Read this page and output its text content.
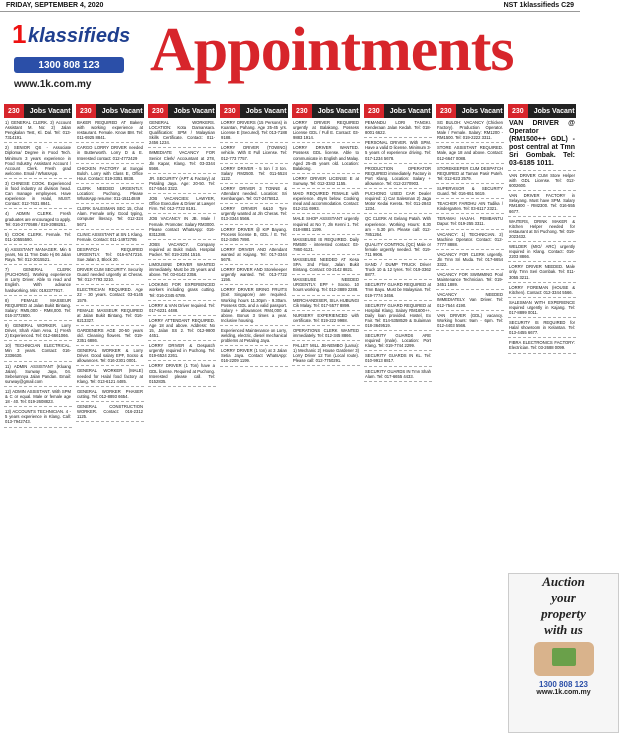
FRIDAY, SEPTEMBER 4, 2020	NST 1klassifieds C29
1 klassifieds
1300 808 123
www.1k.com.my
Appointments
230	Jobs Vacant
1) GENERAL CLERK. 2) Account Assistant M. No: 2) Jalan Pengkalan Test, Kl. Dal. Tel: 013-7314191.
2) SENIOR QS - Associate Diploma/ Degree in Food Tech. Minimum 3 years experience in Food Industry. Assistant Account / Account Clerk. Fresh grad welcome. Email / WhatsApp.
3) CHINESE COOK. Experienced in food industry at division head. Can manage employees. Have experience in Halal, MUST. Contact: 012-7631 8841.
4) ADMIN CLERK. Fresh graduates are encouraged to apply. Tel: 016-2770588 / 019-2088251.
5) COOK CLERK. Female. Tel: 011-10555590.
6) ASSISTANT MANAGER. Min 5 years, No 11 Tmn Dato Hj 06 Jalan Raya. Tel: 012-3015521.
7) GENERAL CLERK (PUCHONG). Working experience in Lorry Driver. Able to read and English. With advance hardworking. Min: 0192377917.
8) FEMALE MASSEUR REQUIRED at Jalan Bukit Bintang. Salary: RM5,000 - RM8,000. Tel: 016-3772600.
9) GENERAL WORKER. Lorry Driver, Shah Alam Area. 1) Fresh 2) Experienced. Tel: 012-6661066.
10) TECHNICIAN ELECTRICAL. Min 3 years. Contact: 016-2336630.
11) ADMIN ASSISTANT (Kluang Jalan). Sunway Jaya, 04. Sebelumnya Jalan Pandan. Email: sunway@gmail.com
12) ADMIN ASSISTANT. With SPM & C or equal. Male or female age 18 - 40. Tel: 019-2608823.
13) ACCOUNTS TECHNICIAN. 4 - 5 years experience in Klang. Call: 013-7942743.
230	Jobs Vacant
BAKER REQUIRED AT Bakery with working experience at restaurant. Female. Know BM. Tel: 011-6925 8841.
CARGO LORRY DRIVER needed in Butterworth. Lorry D & E. Interested contact: 012-4772429
CHICKEN FACTORY at Sungai Buloh. Lorry with Class E, Office Hour. Contact: 019-3351 8838.
CLERK NEEDED URGENTLY. Location: Puchong. Please WhatsApp resume: 011-15114849
CLERK SALESMAN SEC 15, Chat Alam. Female only. Good typing, computer literacy. Tel: 012-324 5671
CLINIC ASSISTANT at SN 1 Klang. Female. Contact: 011-14972795
DESPATCH REQUIRED URGENTLY. Tel: 016-6747216. Sue Jalan 3, Block 20.
DRIVER CUM SECURITY. Security Guard needed urgently at Cheras. Tel: 012-7793 3210.
ELECTRICIAN REQUIRED. Age 22 - 30 years. Contact: 03-6145 1579.
FEMALE MASSEUR REQUIRED at Jalan Bukit Bintang. Tel: 016-6213327.
GARDENERS AGE 20-50 years old. Cleaning flowers. Tel: 019-2351 6886.
GENERAL WORKER & Lorry Driver. Good salary EPF, Socso & allowances. Tel: 016-2301 0001.
GENERAL WORKER (MALE) needed for Halal food factory at Klang. Tel: 013-6121 4485.
GENERAL WORKER PHASER cutting. Tel: 012-8893 6654.
GENERAL CONSTRUCTION WORKER. Contact: 016-2312 1125.
230	Jobs Vacant
GENERAL WORKERS. LOCATION: Kota Damansara. Qualification: SPM / Malaysian Skills Certificate. Contact: 011-2456 1234.
IMMEDIATE VACANCY FOR Senior Clerk/ Accountant at 278, Jln Kapar, Klang. Tel: 03-3344 5566.
JR. SECURITY (APT & Factory) at Petaling Jaya. Age: 20-50. Tel: 017-5544 3322.
JOB VACANCIES: LAWYER, Office Executive & Driver at Lawyer Firm. Tel: 012-7722 8191.
JOB VACANCY IN JB. Male / Female. Promoter. Salary RM3000. Please contact WhatsApp: 016-8311288.
JOBS VACANCY. Company required at Bukit Indah. Hospital Packer. Tel: 019-2204 1516.
LIMOUSINE DRIVER WANTED immediately. Must be 25 years and above. Tel: 03-6142 2356.
LOOKING FOR EXPERIENCED workers including grass cutting. Tel: 016-2345 6789.
LORRY & VAN Driver required. Tel: 017-6231 4488.
LORRY ATTENDANT REQUIRED. Age 18 and above. Address: No 15, Jalan SS 2. Tel: 012-9800 4451.
LORRY DRIVER & Despatch urgently required in Puchong. Tel: 019-6524 2261.
LORRY DRIVER (1 Ton) have a GDL license. Required at Puchong. Interested please call. Tel: 0152835.
230	Jobs Vacant
LORRY DRIVERS (15 Persons) in Kuantan, Pahang. Age 25-45 yrs. License E (Secured). Tel: 013-7188 9188.
LORRY DRIVER (TOWING) vehicle. With E Full License. Tel: 012-773 7757.
LORRY DRIVER - 5 ton / 3 ton. Salary RM2500. Tel: 011-5524 1122.
LORRY DRIVER 3 TONNE & Attendant needed. Location: Sri Kembangan. Tel: 017-2475812.
LORRY DRIVER 6&10 Tyre urgently wanted at Jln Cheras. Tel: 013-3344 5566.
LORRY DRIVER @ KIP Bayang. Process license B, GDL / E. Tel: 012-3456 7890.
LORRY DRIVER AND Attendant wanted at Kajang. Tel: 017-3344 5678.
LORRY DRIVER AND Storekeeper urgently wanted. Tel: 013-7722 1156.
LORRY DRIVER BRING FRUITS (Exit Singapore) are required. Working hours 11.30pm - 9.30am. Possess GDL and a valid passport. Salary + allowances RM4,000 & above. Bonus 3 times a year. Inclusive housing.
Experienced Maintenance on Lorry, welding, electric, diesel mechanical problems at Petaling Jaya.
LORRY DRIVER (1 ton) at 3 Jalan Setia Jaya. Contact WhatsApp: 016-2209 1199.
230	Jobs Vacant
LORRY DRIVER REQUIRED urgently at Balakong. Possess License GDL / Full E. Contact: 03-9883 1914.
LORRY DRIVER WANTED. Possess GDL license. Able to communicate in English and Malay. Aged 25-45 years old. Location: Balakong.
LORRY DRIVER LICENSE E at Sunway. Tel: 012-3342 1155.
MAID REQUIRED FEMALE with experience. 45yrs below. Cooking meal and accommodation. Contact: 012-211 6993.
MALE SHOP ASSISTANT urgently required at No 7, Jln Kenni 1. Tel: 018-8881 1199.
MASSEUSE IS REQUIRED. Daily RM500 - interested contact: 03-7860 6121.
MASSEUSE NEEDED AT Kesa SPA. 2nd Floor, Jalan Bukit Bintang. Contact: 03-2142 8821.
MASSEUSE NEEDED URGENTLY. EPF + Socso. 10 hours working. Tel: 012-3889 2288.
MERCHANDISER, SILA HUBUNGI Cik Malay. Tel: 017-5577 8899.
NURSERY EXPERIENCED with certificate. Tel: 019-222 9988.
OPERATIONS CLERK WANTED immediately. Tel: 012-345 8866.
PALLET MILL JB-NEMBO (Lama): 1) Mechanic 2) House Gardener 3) Lorry Driver 12 Ton (Local route). Please call: 012-7750291.
230	Jobs Vacant
PEMANDU LORI TANGKI. Kenderaan Jalan Kedah. Tel: 018-8001 6622.
PERSONAL DRIVER. With SPM. Have a valid D license. Minimum 3-5 years of experience driving. Tel: 017-1234 5678.
PRODUCTION OPERATOR REQUIRED immediately. Factory in Port Klang. Location: Salary + allowance. Tel: 012-2270903.
PUCHONG USED CAR Dealer required: 1) Car Salesman 2) Jaga Motor Kedai Kereta. Tel: 011-2843 1234.
QC CLERK At Gelang Patah. With experience. Working Hours: 8.30 am - 5.30 pm. Please call: 012-7851264.
QUALITY CONTROL (QC) Male or female urgently needed. Tel: 019-711 9906.
SAND / DUMP TRUCK Driver Truck 10 & 12 tyres. Tel: 019-3362 8877.
SECURITY GUARD REQUIRED at Tmn Bayu. Must be Malaysian. Tel: 019-7774 3456.
SECURITY GUARD REQUIRED at Hospital Klang. Salary RM1600++. Daily loan provided. Hostel, Ex Fair. Tel: 014-5358529 & Sulaiman 018-3649519.
SECURITY GUARDS ARE required (male). Location: Port Klang. Tel: 019-7744 2299.
SECURITY GUARDS IN KL. Tel: 010-9913 8817.
SECURITY GUARDS IN Tmn Shah Alam. Tel: 017-6655 4433.
230	Jobs Vacant
SG BULOH: VACANCY (Chicken Factory). Production Operator. Male / Female. Salary: RM1200 - RM1500. Tel: 019-2222 3311.
STORE ASSISTANT REQUIRED. Male, age 18 and above. Contact: 012-6647 0088.
STOREKEEPER CUM DESPATCH REQUIRED at Taman Pasir Puteh. Tel: 012-623 2579.
SUPERVISOR & SECURITY Guard. Tel: 016-651 5619.
TEACHER FARDHU AIN Tadika / Kindergarten. Tel: 03-6117 2321.
TERAMAI HAJAH. PEMBANTU Dapur. Tel: 019-255 3311.
VACANCY: 1) TECHNICIAN. 2) Machine Operator. Contact: 012-7777 8888.
VACANCY FOR CLERK urgently. Jln Tmn Sri Muda. Tel: 017-6654 3322.
VACANCY FOR SWIMMING Pool Maintenance Technician. Tel: 019-3451 1889.
VACANCY NEEDED IMMEDIATELY. Van Driver. Tel: 012-7544 4190.
VAN DRIVER (GDL) vacancy. Working hours: 9am - 6pm. Tel: 012-4403 5566.
230	Jobs Vacant
VAN DRIVER @ Operator (RM1500++ GDL) - post central at Tmn Sri Gombak. Tel: 03-6185 1011.
VAN DRIVER CUM Store Helper with GDL License. Tel: 012-6002600.
VAN DRIVER FACTORY in Selayang. Must have SPM. Salary RM1800 - RM2300. Tel: 016-555 6677.
WAITERS, DRINK MAKER & Kitchen Helper needed for restaurant at Sri Puchong. Tel: 019-2023432.
WELDER (MIG/ ARC) urgently required in Klang. Contact: 016-2203 8866.
LORRY DRIVER NEEDED. Male only. Tmn Seri Gombak. Tel: 011-3055 3211.
LORRY FOREMAN (HOUSE & Kitchen). Contact: 012-3344 5566.
SALESMAN WITH EXPERIENCE required urgently in Kajang. Tel: 017-8899 0011.
SECURITY IS REQUIRED for Halal showroom in Kelantan. Tel: 013-4455 6677.
FIBRA ELECTRONICS FACTORY: Electrician. Tel: 03-2688 0099.
Auction
your
property
with us
1300 808 123
www.1k.com.my
